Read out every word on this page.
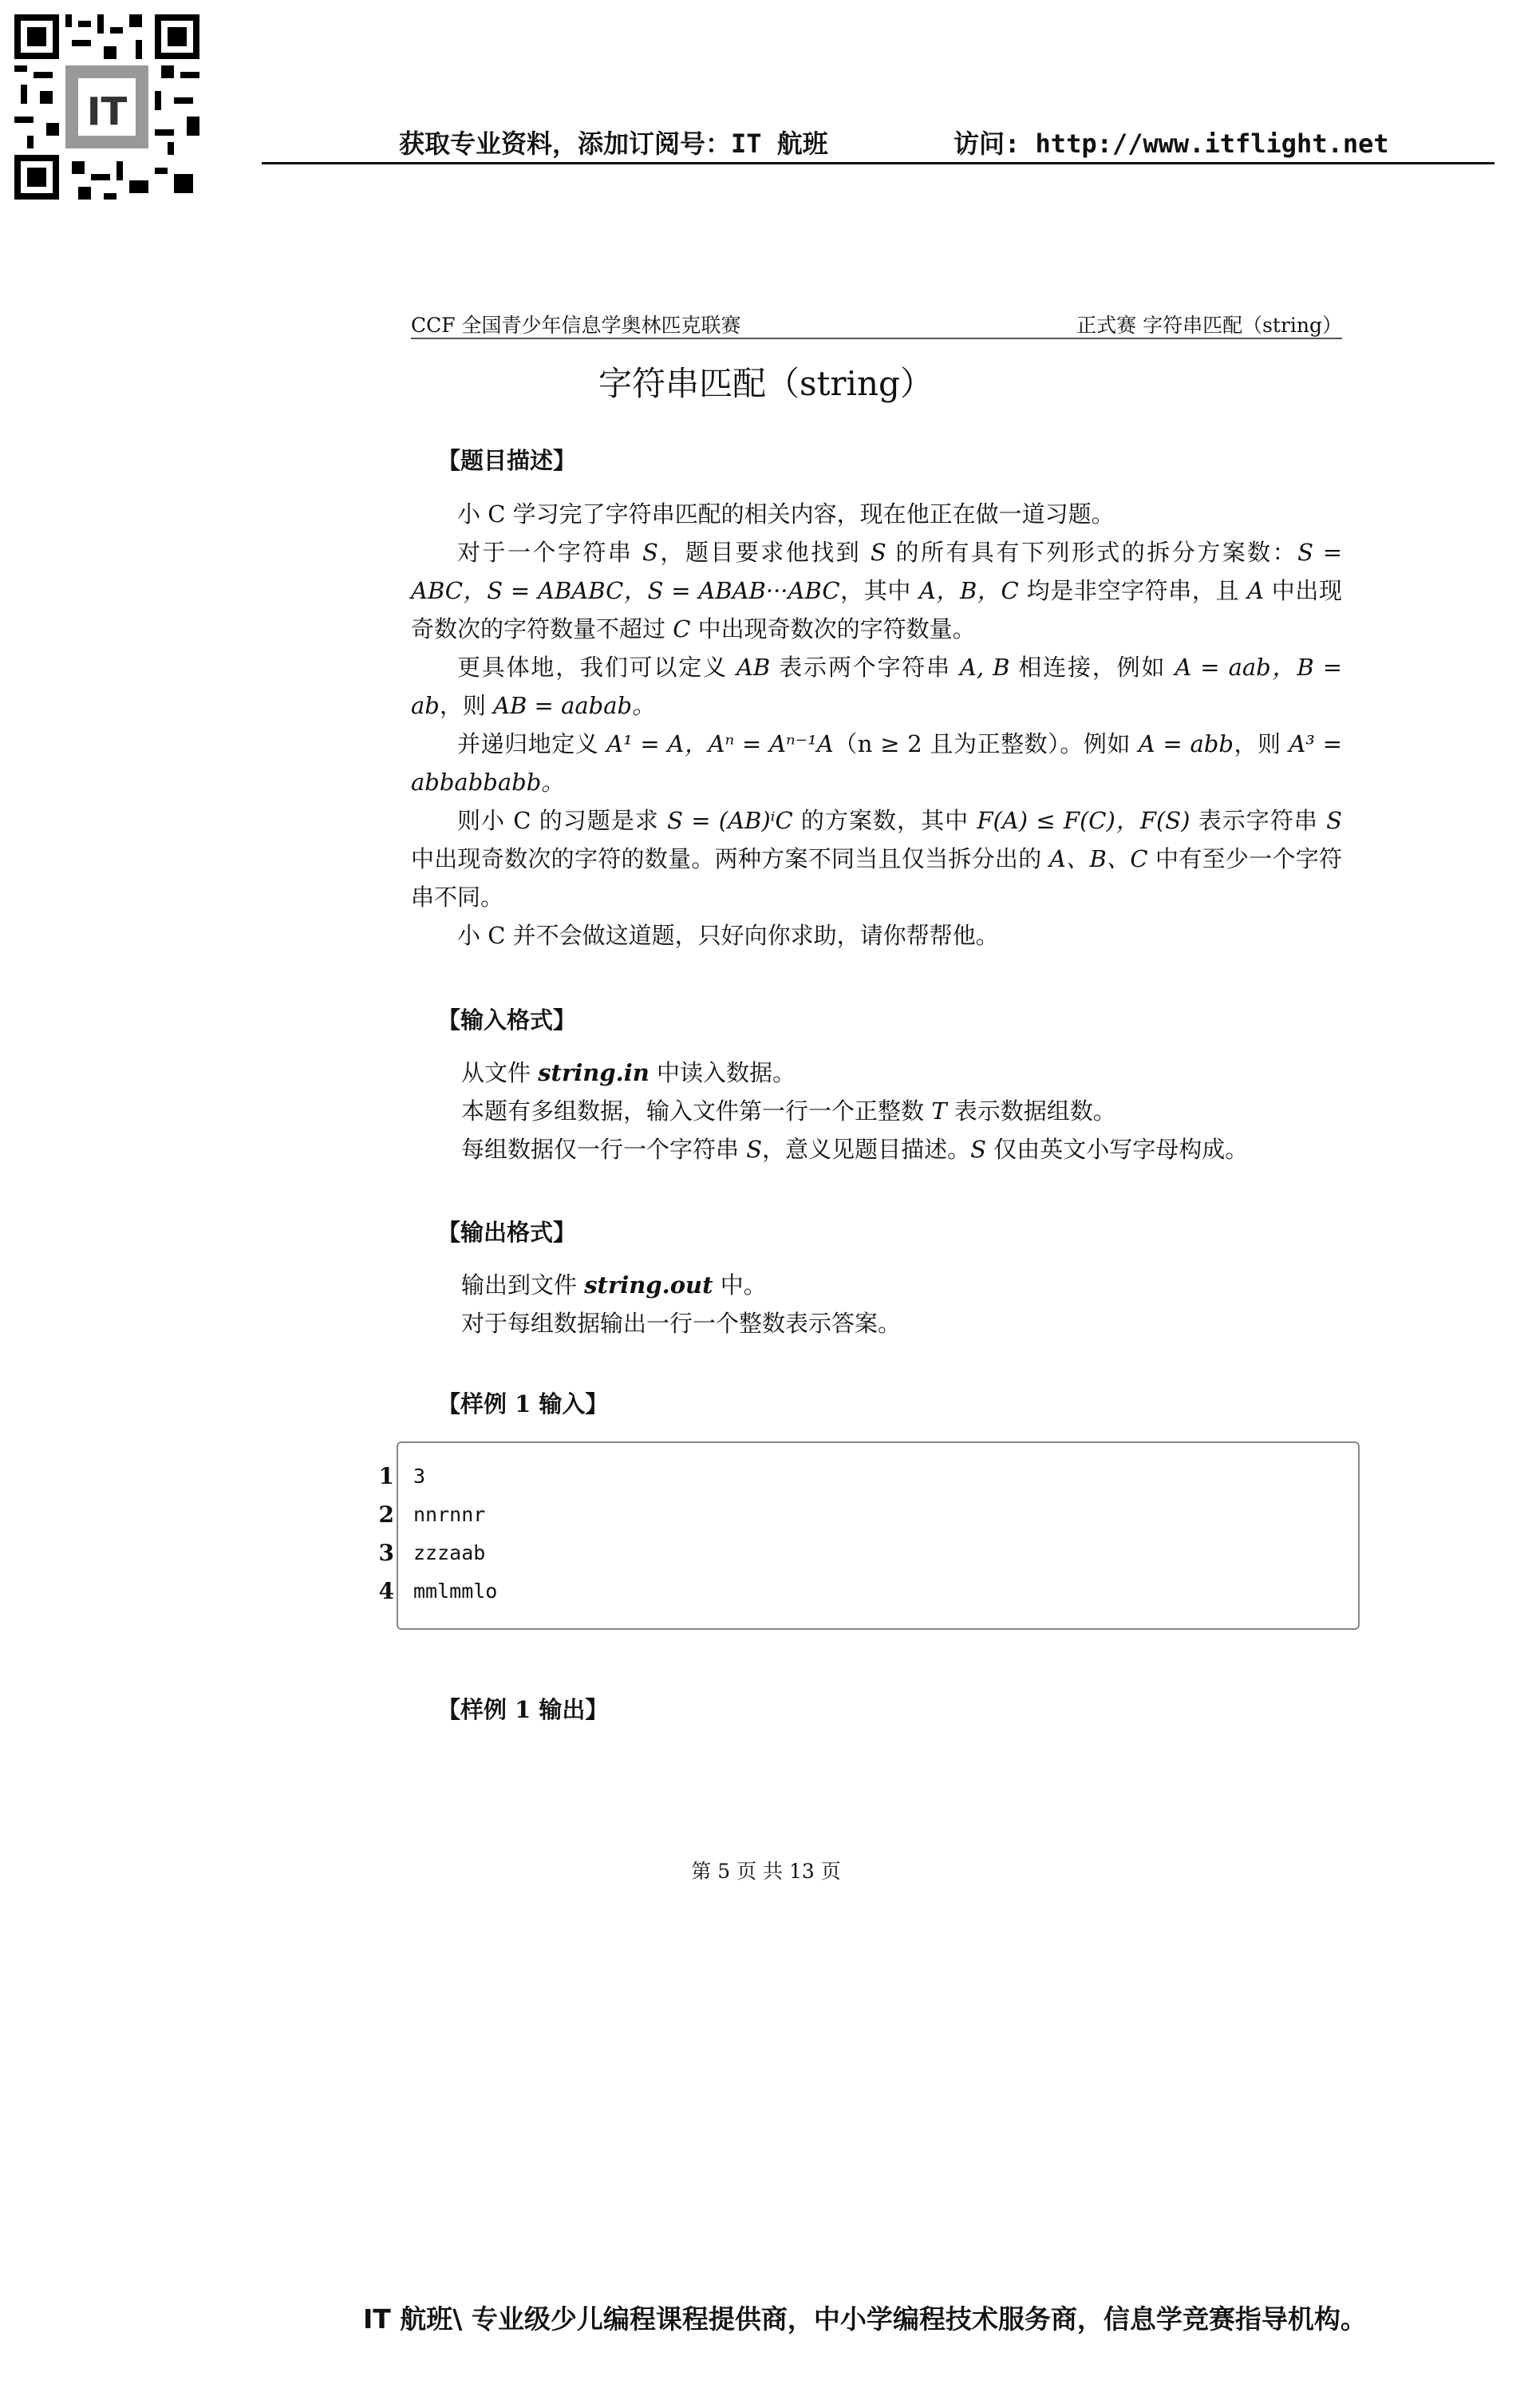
IT
获取专业资料，添加订阅号：IT 航班	访问: http://www.itflight.net
CCF 全国青少年信息学奥林匹克联赛	正式赛 字符串匹配（string）
字符串匹配（string）
【题目描述】

小 C 学习完了字符串匹配的相关内容，现在他正在做一道习题。

对于一个字符串 S，题目要求他找到 S 的所有具有下列形式的拆分方案数：S = ABC，S = ABABC，S = ABAB···ABC，其中 A，B，C 均是非空字符串，且 A 中出现奇数次的字符数量不超过 C 中出现奇数次的字符数量。

更具体地，我们可以定义 AB 表示两个字符串 A, B 相连接，例如 A = aab，B = ab，则 AB = aabab。

并递归地定义 A¹ = A，Aⁿ = Aⁿ⁻¹A（n ≥ 2 且为正整数）。例如 A = abb，则 A³ = abbabbabb。

则小 C 的习题是求 S = (AB)ⁱC 的方案数，其中 F(A) ≤ F(C)，F(S) 表示字符串 S 中出现奇数次的字符的数量。两种方案不同当且仅当拆分出的 A、B、C 中有至少一个字符串不同。

小 C 并不会做这道题，只好向你求助，请你帮帮他。

【输入格式】
从文件 string.in 中读入数据。
本题有多组数据，输入文件第一行一个正整数 T 表示数据组数。
每组数据仅一行一个字符串 S，意义见题目描述。S 仅由英文小写字母构成。
【输出格式】
输出到文件 string.out 中。
对于每组数据输出一行一个整数表示答案。
【样例 1 输入】
1
2
3
4
3
nnrnnr
zzzaab
mmlmmlo
【样例 1 输出】
第 5 页 共 13 页
IT 航班\ 专业级少儿编程课程提供商，中小学编程技术服务商，信息学竞赛指导机构。
